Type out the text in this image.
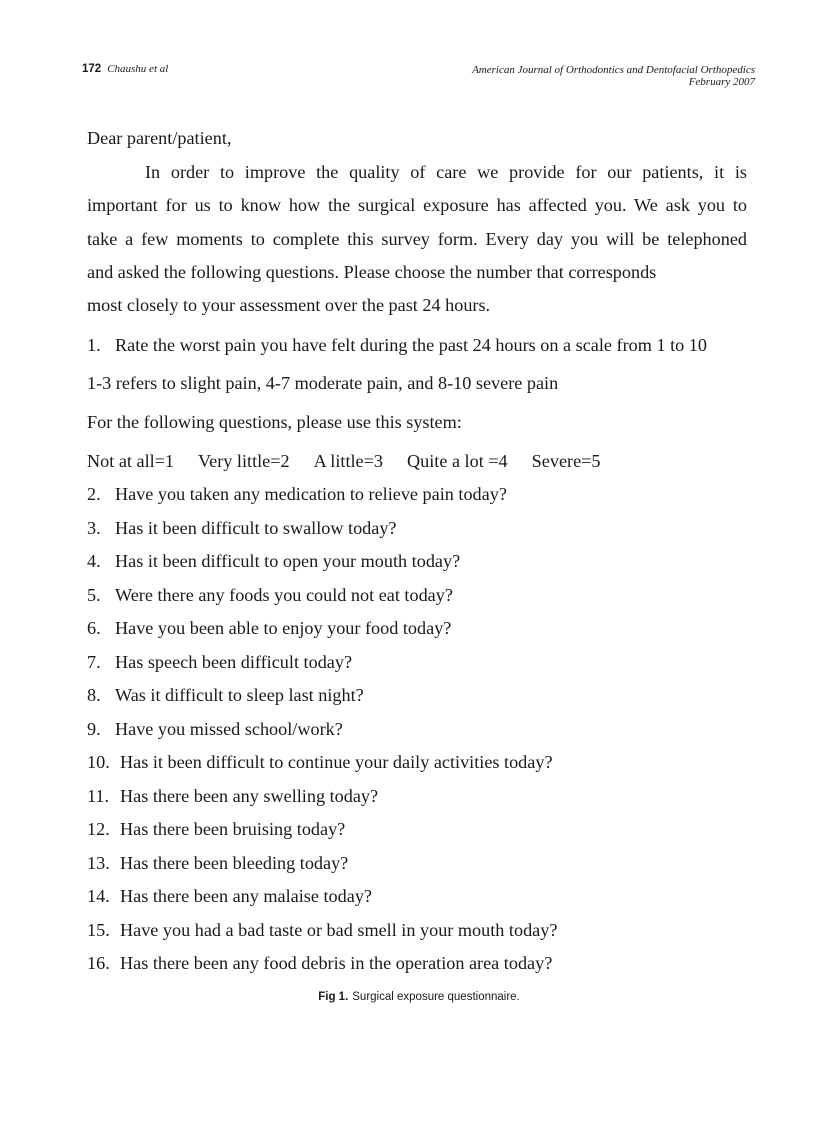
172 Chaushu et al	American Journal of Orthodontics and Dentofacial Orthopedics
February 2007
Dear parent/patient,
In order to improve the quality of care we provide for our patients, it is
important for us to know how the surgical exposure has affected you. We ask you to
take a few moments to complete this survey form. Every day you will be telephoned
and asked the following questions. Please choose the number that corresponds
most closely to your assessment over the past 24 hours.
1. Rate the worst pain you have felt during the past 24 hours on a scale from 1 to 10
1-3 refers to slight pain, 4-7 moderate pain, and 8-10 severe pain
For the following questions, please use this system:
Not at all=1 Very little=2 A little=3 Quite a lot =4 Severe=5
2. Have you taken any medication to relieve pain today?
3. Has it been difficult to swallow today?
4. Has it been difficult to open your mouth today?
5. Were there any foods you could not eat today?
6. Have you been able to enjoy your food today?
7. Has speech been difficult today?
8. Was it difficult to sleep last night?
9. Have you missed school/work?
10. Has it been difficult to continue your daily activities today?
11. Has there been any swelling today?
12. Has there been bruising today?
13. Has there been bleeding today?
14. Has there been any malaise today?
15. Have you had a bad taste or bad smell in your mouth today?
16. Has there been any food debris in the operation area today?
Fig 1. Surgical exposure questionnaire.
